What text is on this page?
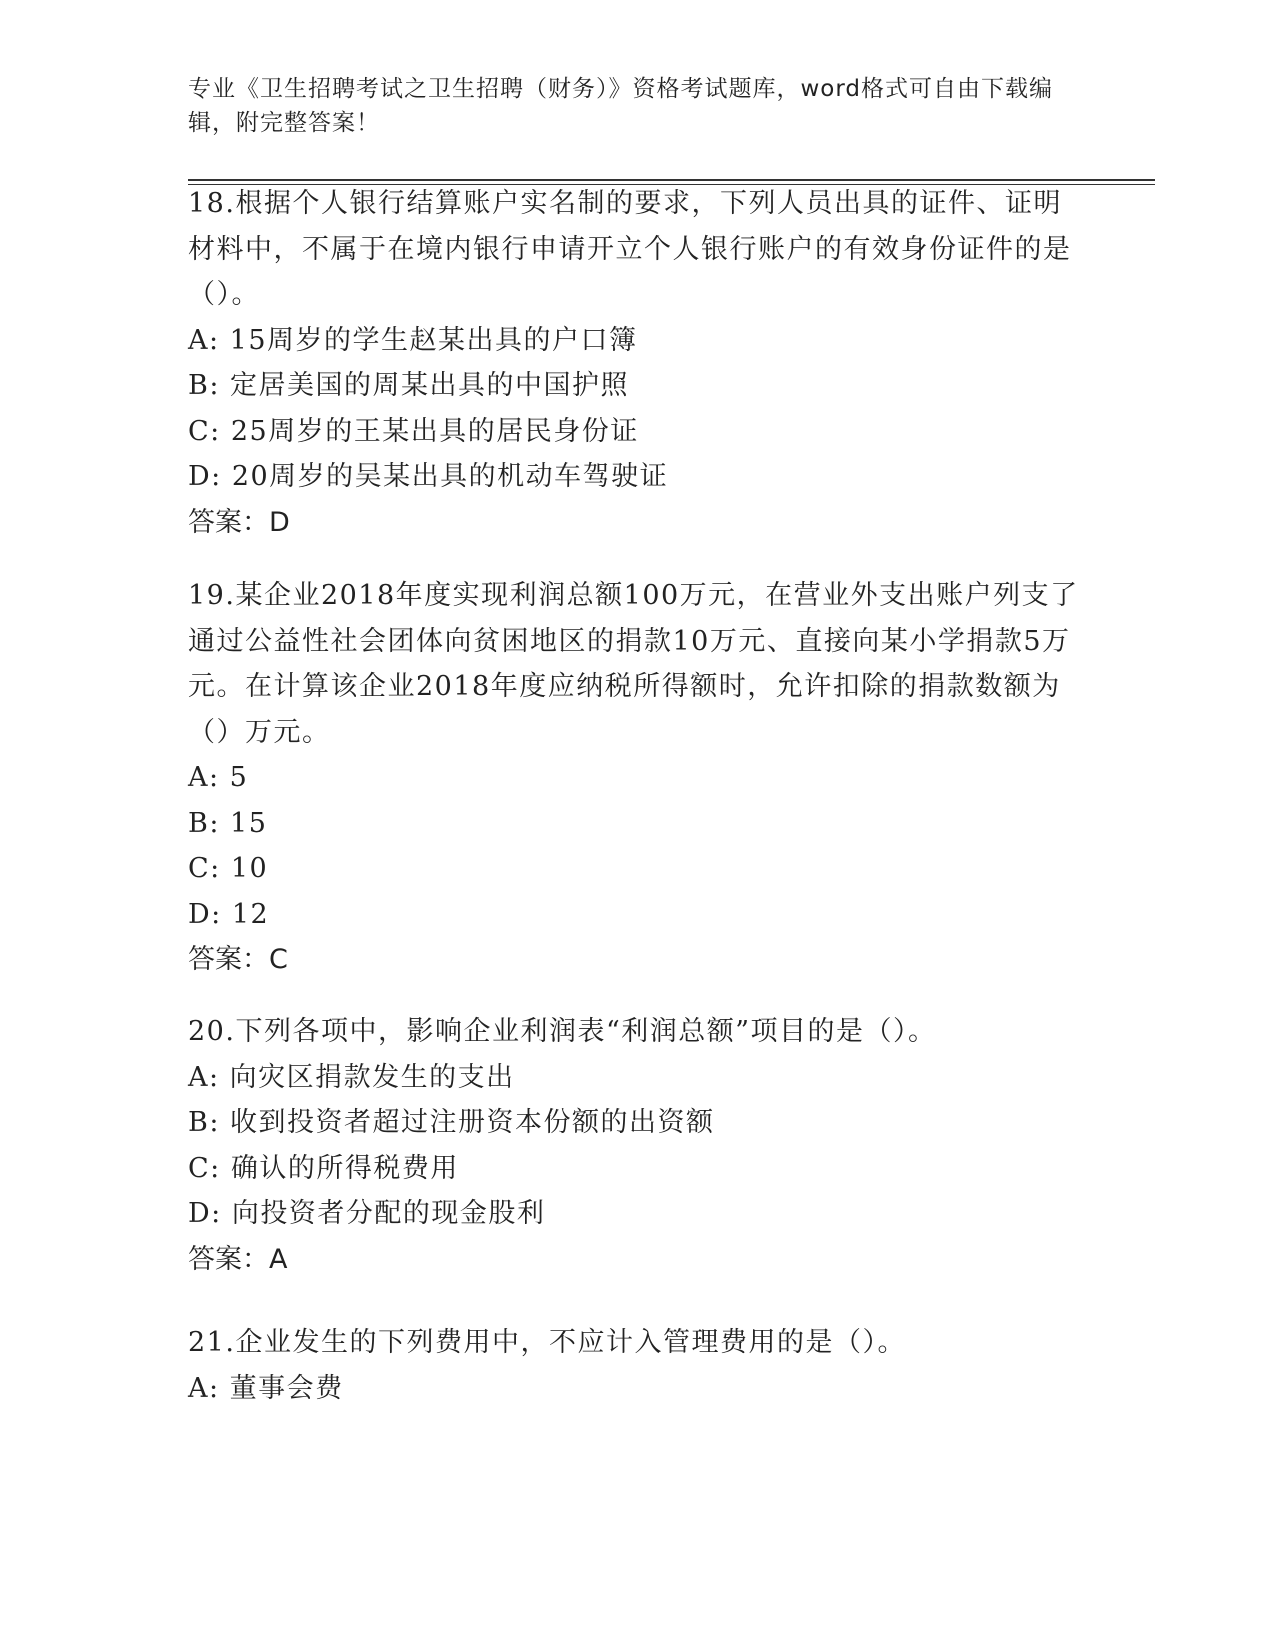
专业《卫生招聘考试之卫生招聘（财务）》资格考试题库，word格式可自由下载编辑，附完整答案！

18.根据个人银行结算账户实名制的要求，下列人员出具的证件、证明材料中，不属于在境内银行申请开立个人银行账户的有效身份证件的是（）。

A: 15周岁的学生赵某出具的户口簿

B: 定居美国的周某出具的中国护照

C: 25周岁的王某出具的居民身份证

D: 20周岁的吴某出具的机动车驾驶证

答案：D

19.某企业2018年度实现利润总额100万元，在营业外支出账户列支了通过公益性社会团体向贫困地区的捐款10万元、直接向某小学捐款5万元。在计算该企业2018年度应纳税所得额时，允许扣除的捐款数额为（）万元。

A: 5

B: 15

C: 10

D: 12

答案：C

20.下列各项中，影响企业利润表“利润总额”项目的是（）。

A: 向灾区捐款发生的支出

B: 收到投资者超过注册资本份额的出资额

C: 确认的所得税费用

D: 向投资者分配的现金股利

答案：A

21.企业发生的下列费用中，不应计入管理费用的是（）。

A: 董事会费
